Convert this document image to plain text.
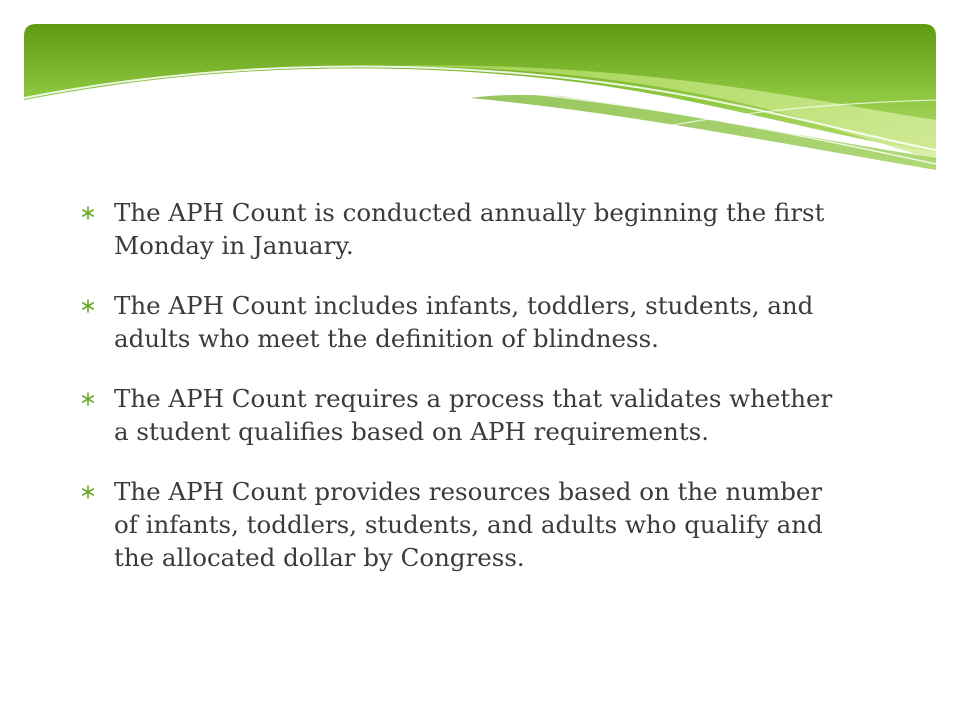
The APH Count is conducted annually beginning the first Monday in January.
The APH Count includes infants, toddlers, students, and adults who meet the definition of blindness.
The APH Count requires a process that validates whether a student qualifies based on APH requirements.
The APH Count provides resources based on the number of infants, toddlers, students, and adults who qualify and the allocated dollar by Congress.
